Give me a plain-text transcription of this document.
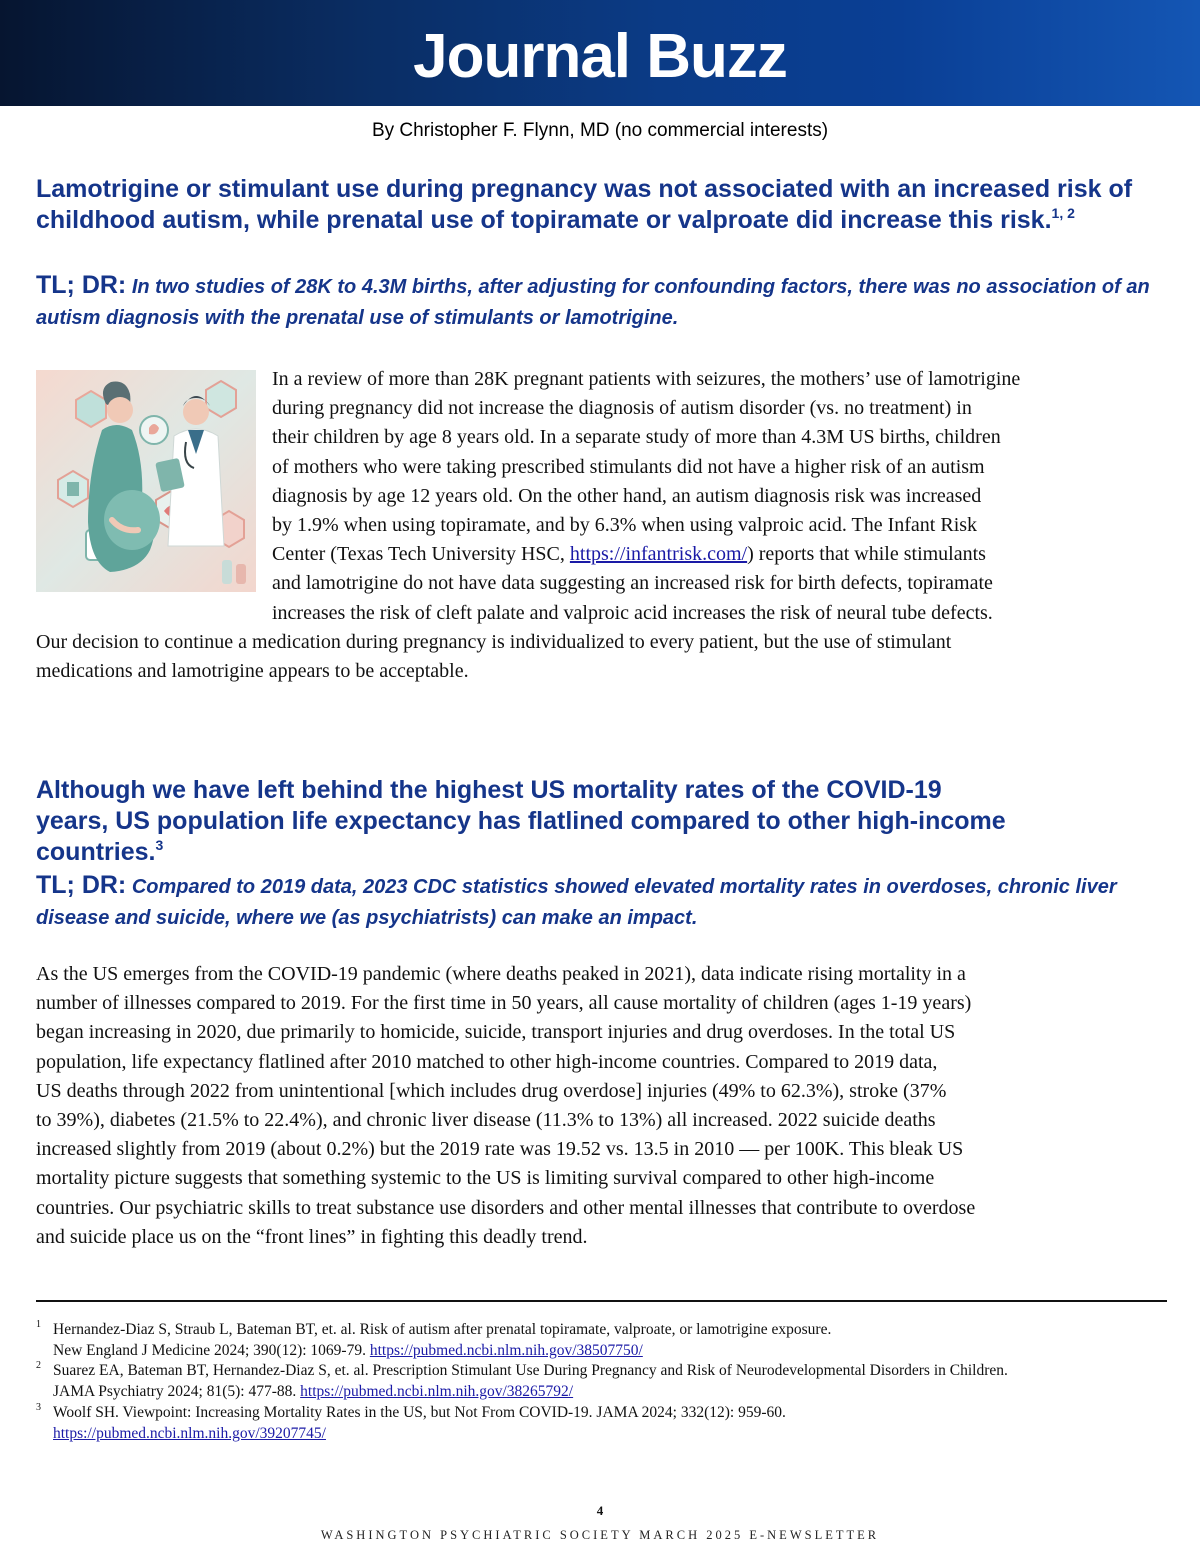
Journal Buzz
By Christopher F. Flynn, MD (no commercial interests)
Lamotrigine or stimulant use during pregnancy was not associated with an increased risk of childhood autism, while prenatal use of topiramate or valproate did increase this risk.$^{1, 2}$

TL; DR: In two studies of 28K to 4.3M births, after adjusting for confounding factors, there was no association of an autism diagnosis with the prenatal use of stimulants or lamotrigine.

In a review of more than 28K pregnant patients with seizures, the mothers’ use of lamotrigine
during pregnancy did not increase the diagnosis of autism disorder (vs. no treatment) in
their children by age 8 years old. In a separate study of more than 4.3M US births, children
of mothers who were taking prescribed stimulants did not have a higher risk of an autism
diagnosis by age 12 years old. On the other hand, an autism diagnosis risk was increased
by 1.9% when using topiramate, and by 6.3% when using valproic acid. The Infant Risk
Center (Texas Tech University HSC, https://infantrisk.com/) reports that while stimulants
and lamotrigine do not have data suggesting an increased risk for birth defects, topiramate
increases the risk of cleft palate and valproic acid increases the risk of neural tube defects.

Our decision to continue a medication during pregnancy is individualized to every patient, but the use of stimulant
medications and lamotrigine appears to be acceptable.

Although we have left behind the highest US mortality rates of the COVID-19
years, US population life expectancy has flatlined compared to other high-income
countries.$^3$

TL; DR: Compared to 2019 data, 2023 CDC statistics showed elevated mortality rates in overdoses, chronic liver disease and suicide, where we (as psychiatrists) can make an impact.

As the US emerges from the COVID-19 pandemic (where deaths peaked in 2021), data indicate rising mortality in a
number of illnesses compared to 2019. For the first time in 50 years, all cause mortality of children (ages 1-19 years)
began increasing in 2020, due primarily to homicide, suicide, transport injuries and drug overdoses. In the total US
population, life expectancy flatlined after 2010 matched to other high-income countries. Compared to 2019 data,
US deaths through 2022 from unintentional [which includes drug overdose] injuries (49% to 62.3%), stroke (37%
to 39%), diabetes (21.5% to 22.4%), and chronic liver disease (11.3% to 13%) all increased. 2022 suicide deaths
increased slightly from 2019 (about 0.2%) but the 2019 rate was 19.52 vs. 13.5 in 2010 — per 100K. This bleak US
mortality picture suggests that something systemic to the US is limiting survival compared to other high-income
countries. Our psychiatric skills to treat substance use disorders and other mental illnesses that contribute to overdose
and suicide place us on the “front lines” in fighting this deadly trend.

1 Hernandez-Diaz S, Straub L, Bateman BT, et. al. Risk of autism after prenatal topiramate, valproate, or lamotrigine exposure.
New England J Medicine 2024; 390(12): 1069-79. https://pubmed.ncbi.nlm.nih.gov/38507750/
2 Suarez EA, Bateman BT, Hernandez-Diaz S, et. al. Prescription Stimulant Use During Pregnancy and Risk of Neurodevelopmental Disorders in Children.
JAMA Psychiatry 2024; 81(5): 477-88. https://pubmed.ncbi.nlm.nih.gov/38265792/
3 Woolf SH. Viewpoint: Increasing Mortality Rates in the US, but Not From COVID-19. JAMA 2024; 332(12): 959-60.
https://pubmed.ncbi.nlm.nih.gov/39207745/
4
WASHINGTON PSYCHIATRIC SOCIETY MARCH 2025 E-NEWSLETTER
